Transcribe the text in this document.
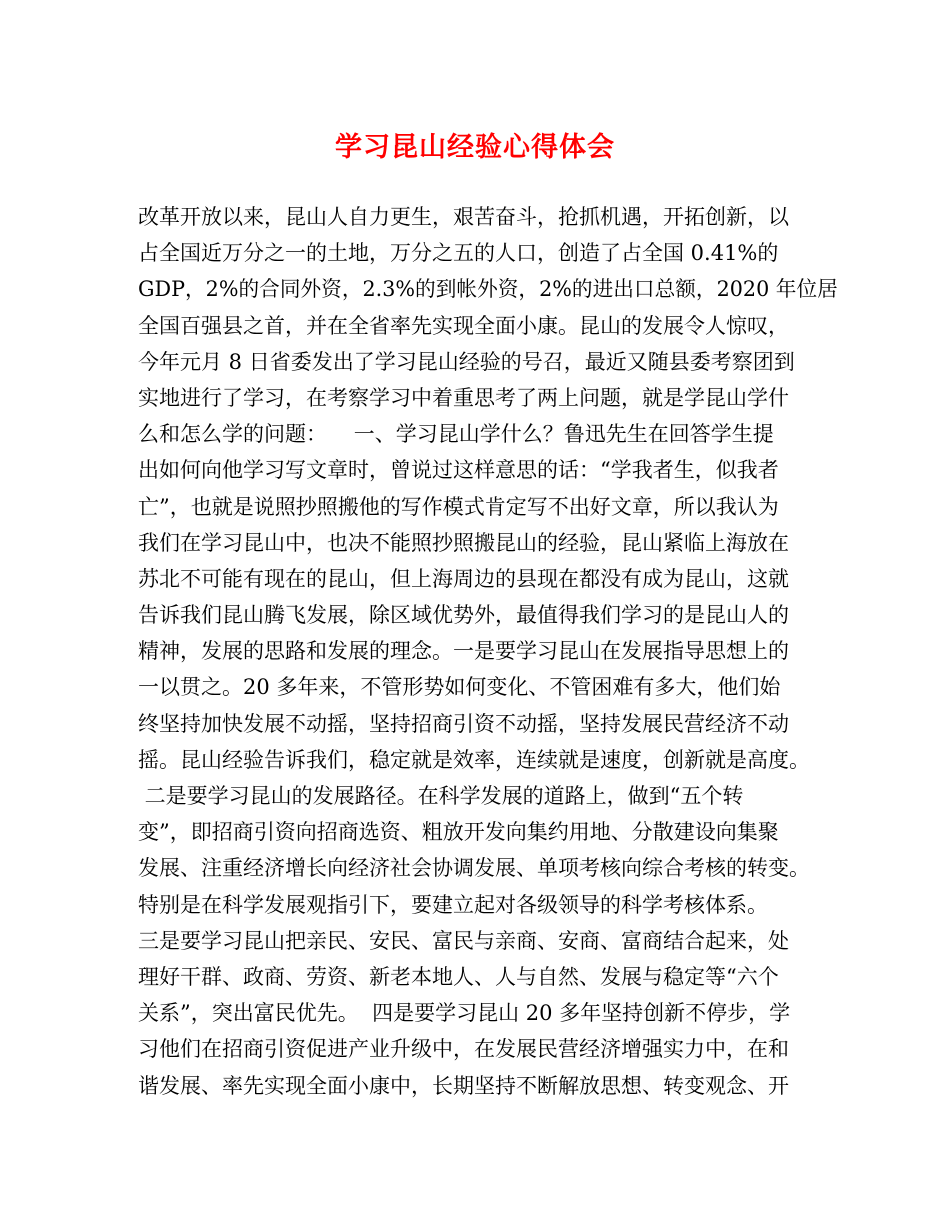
学习昆山经验心得体会
改革开放以来，昆山人自力更生，艰苦奋斗，抢抓机遇，开拓创新，以
占全国近万分之一的土地，万分之五的人口，创造了占全国 0.41%的
GDP，2%的合同外资，2.3%的到帐外资，2%的进出口总额，2020 年位居

全国百强县之首，并在全省率先实现全面小康。昆山的发展令人惊叹，
今年元月 8 日省委发出了学习昆山经验的号召，最近又随县委考察团到
实地进行了学习，在考察学习中着重思考了两上问题，就是学昆山学什
么和怎么学的问题：    一、学习昆山学什么？鲁迅先生在回答学生提
出如何向他学习写文章时，曾说过这样意思的话：“学我者生，似我者
亡”，也就是说照抄照搬他的写作模式肯定写不出好文章，所以我认为
我们在学习昆山中，也决不能照抄照搬昆山的经验，昆山紧临上海放在
苏北不可能有现在的昆山，但上海周边的县现在都没有成为昆山，这就
告诉我们昆山腾飞发展，除区域优势外，最值得我们学习的是昆山人的
精神，发展的思路和发展的理念。一是要学习昆山在发展指导思想上的
一以贯之。20 多年来，不管形势如何变化、不管困难有多大，他们始
终坚持加快发展不动摇，坚持招商引资不动摇，坚持发展民营经济不动
摇。昆山经验告诉我们，稳定就是效率，连续就是速度，创新就是高度。
二是要学习昆山的发展路径。在科学发展的道路上，做到“五个转
变”，即招商引资向招商选资、粗放开发向集约用地、分散建设向集聚
发展、注重经济增长向经济社会协调发展、单项考核向综合考核的转变。
特别是在科学发展观指引下，要建立起对各级领导的科学考核体系。
三是要学习昆山把亲民、安民、富民与亲商、安商、富商结合起来，处
理好干群、政商、劳资、新老本地人、人与自然、发展与稳定等“六个
关系”，突出富民优先。  四是要学习昆山 20 多年坚持创新不停步，学
习他们在招商引资促进产业升级中，在发展民营经济增强实力中，在和
谐发展、率先实现全面小康中，长期坚持不断解放思想、转变观念、开
